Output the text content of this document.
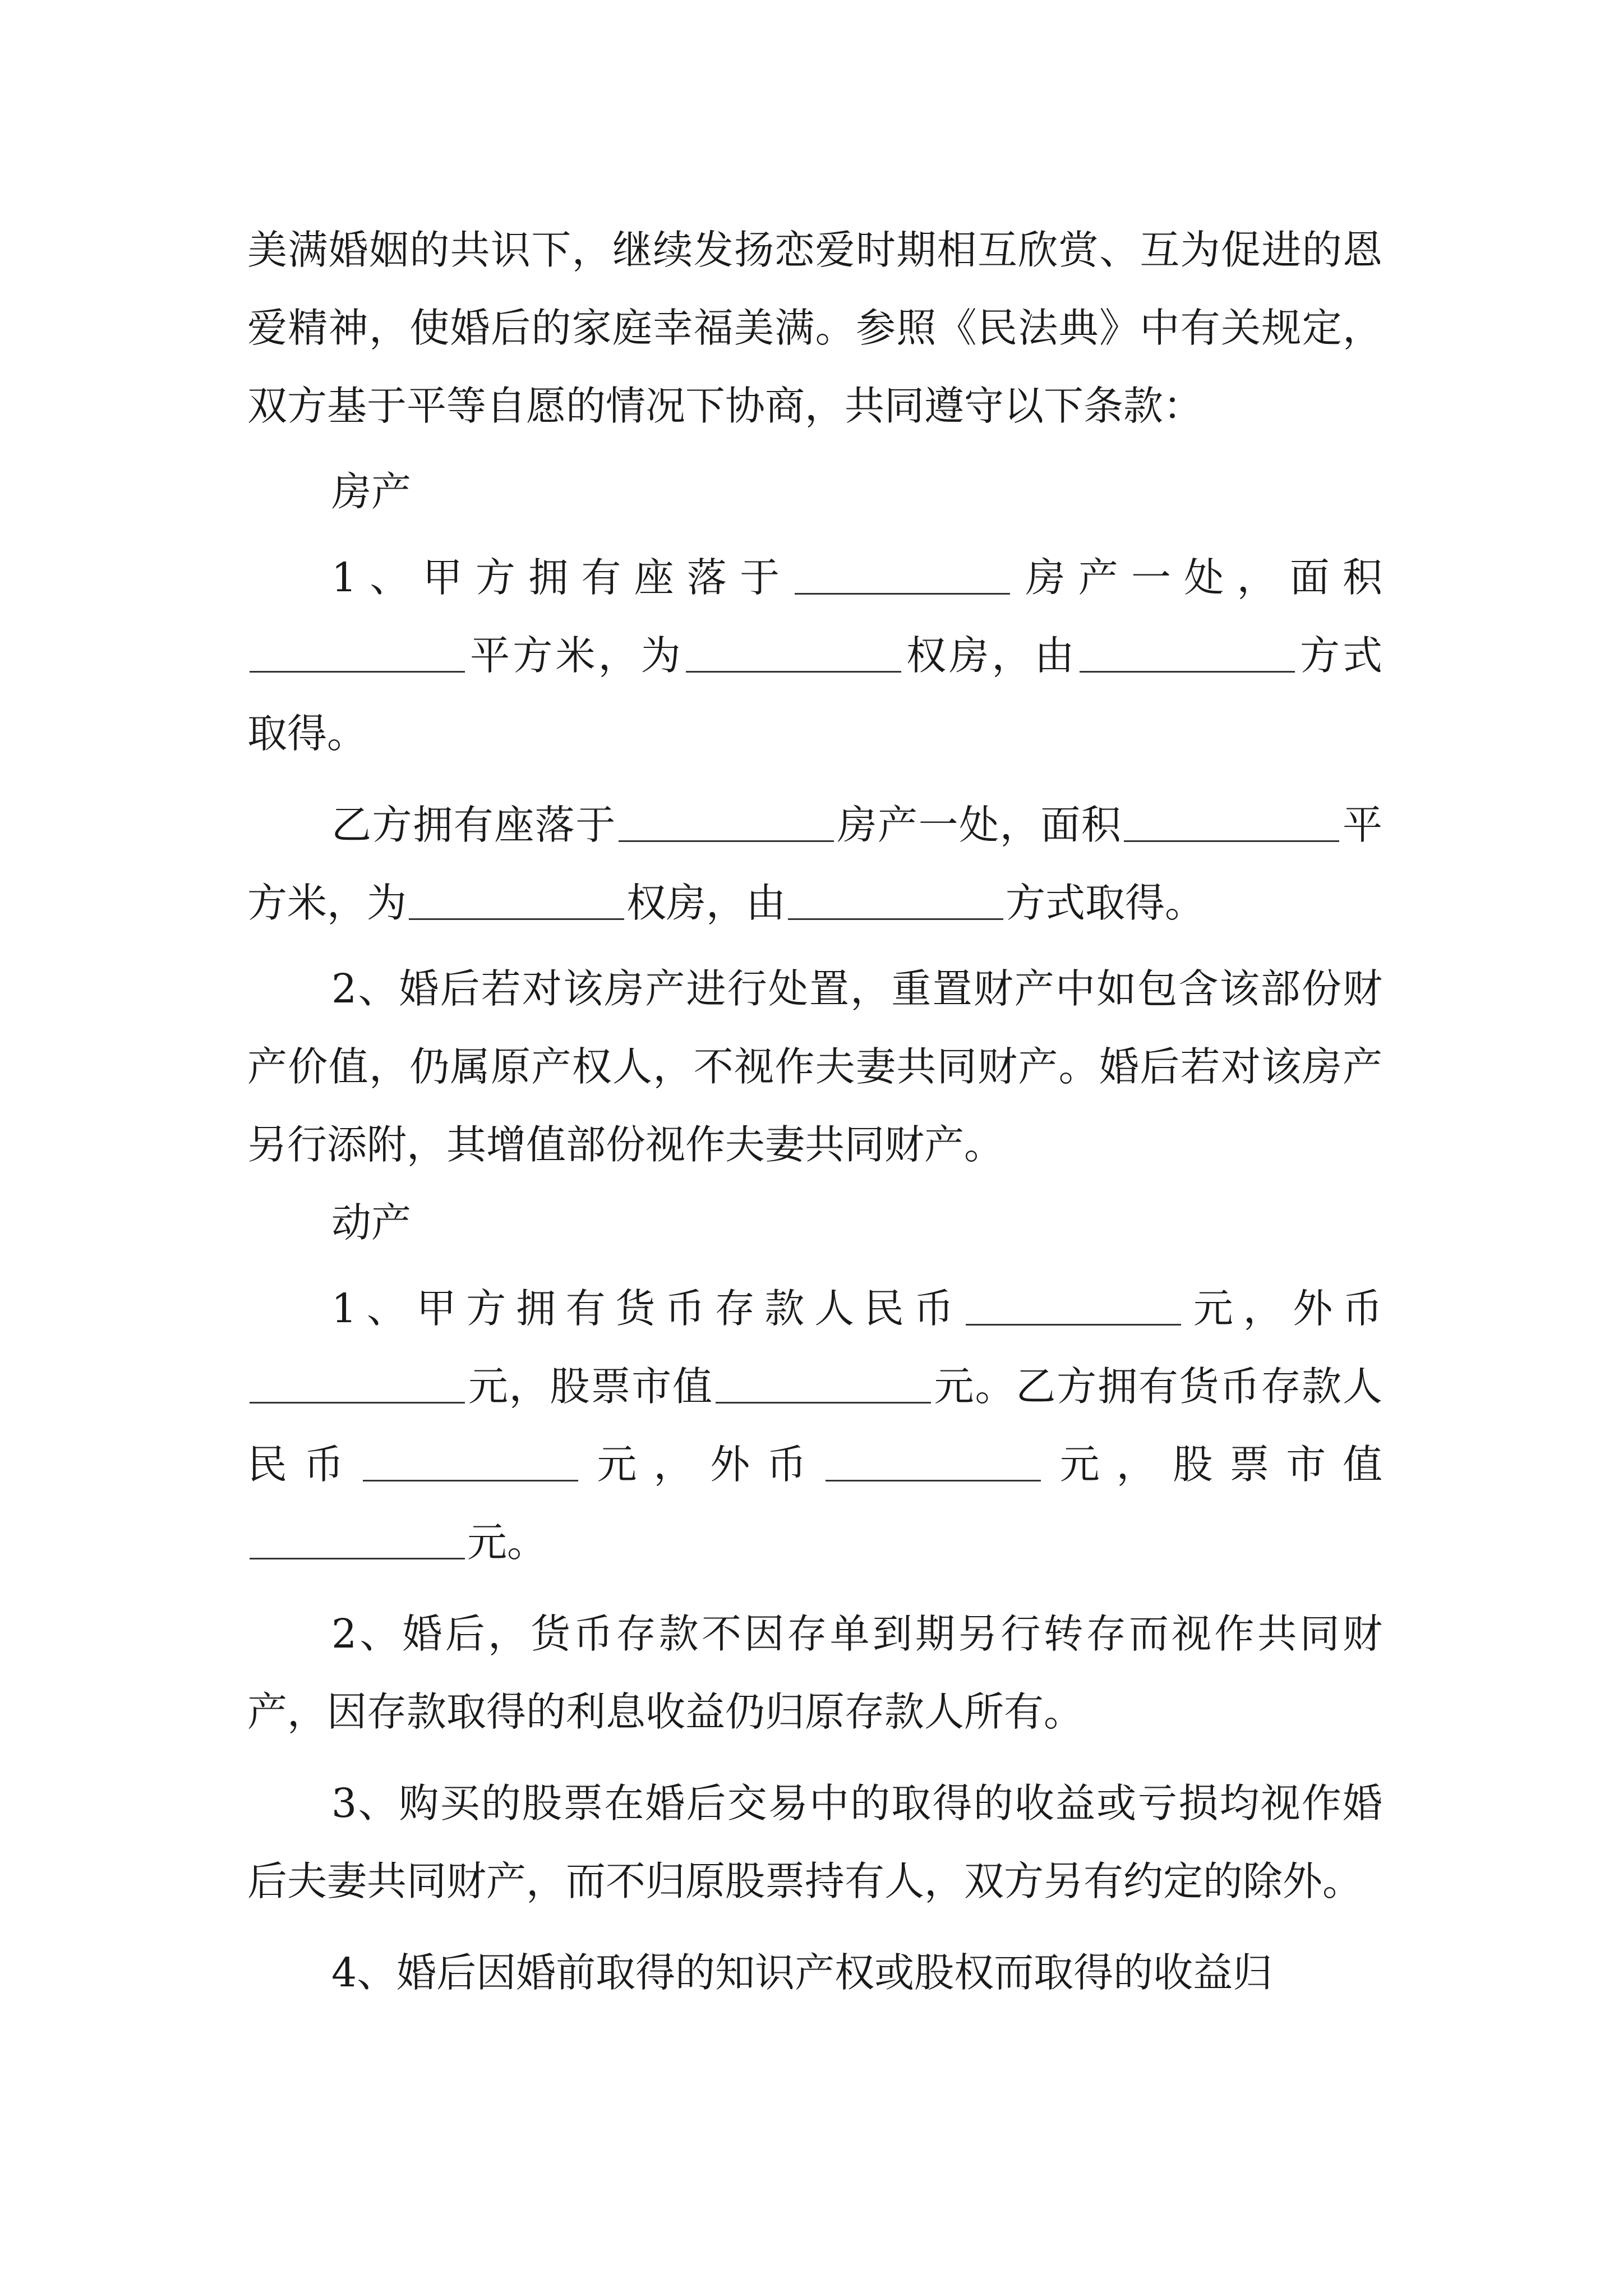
美满婚姻的共识下，继续发扬恋爱时期相互欣赏、互为促进的恩爱精神，使婚后的家庭幸福美满。参照《民法典》中有关规定，双方基于平等自愿的情况下协商，共同遵守以下条款：

房产

1、甲方拥有座落于	房产一处，面积平方米，为	权房，由	方式取得。

乙方拥有座落于	房产一处，面积	平方米，为	权房，由	方式取得。

2、婚后若对该房产进行处置，重置财产中如包含该部份财产价值，仍属原产权人，不视作夫妻共同财产。婚后若对该房产另行添附，其增值部份视作夫妻共同财产。

动产

1、甲方拥有货币存款人民币	元，外币元，股票市值	元。乙方拥有货币存款人民币	元，外币	元，股票市值元。

2、婚后，货币存款不因存单到期另行转存而视作共同财产，因存款取得的利息收益仍归原存款人所有。

3、购买的股票在婚后交易中的取得的收益或亏损均视作婚后夫妻共同财产，而不归原股票持有人，双方另有约定的除外。

4、婚后因婚前取得的知识产权或股权而取得的收益归
